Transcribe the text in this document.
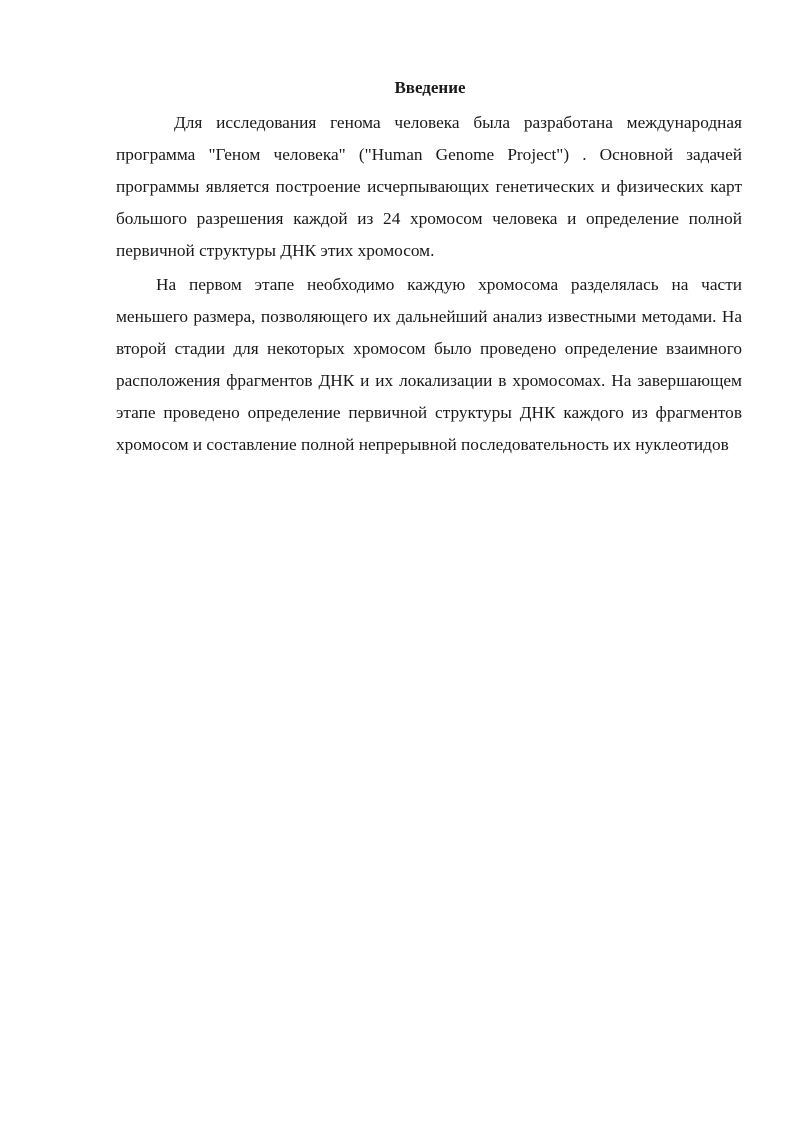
Введение

Для исследования генома человека была разработана международная программа "Геном человека" ("Human Genome Project") . Основной задачей программы является построение исчерпывающих генетических и физических карт большого разрешения каждой из 24 хромосом человека и определение полной первичной структуры ДНК этих хромосом.

На первом этапе необходимо каждую хромосома разделялась на части меньшего размера, позволяющего их дальнейший анализ известными методами. На второй стадии для некоторых хромосом было проведено определение взаимного расположения фрагментов ДНК и их локализации в хромосомах. На завершающем этапе проведено определение первичной структуры ДНК каждого из фрагментов хромосом и составление полной непрерывной последовательность их нуклеотидов
